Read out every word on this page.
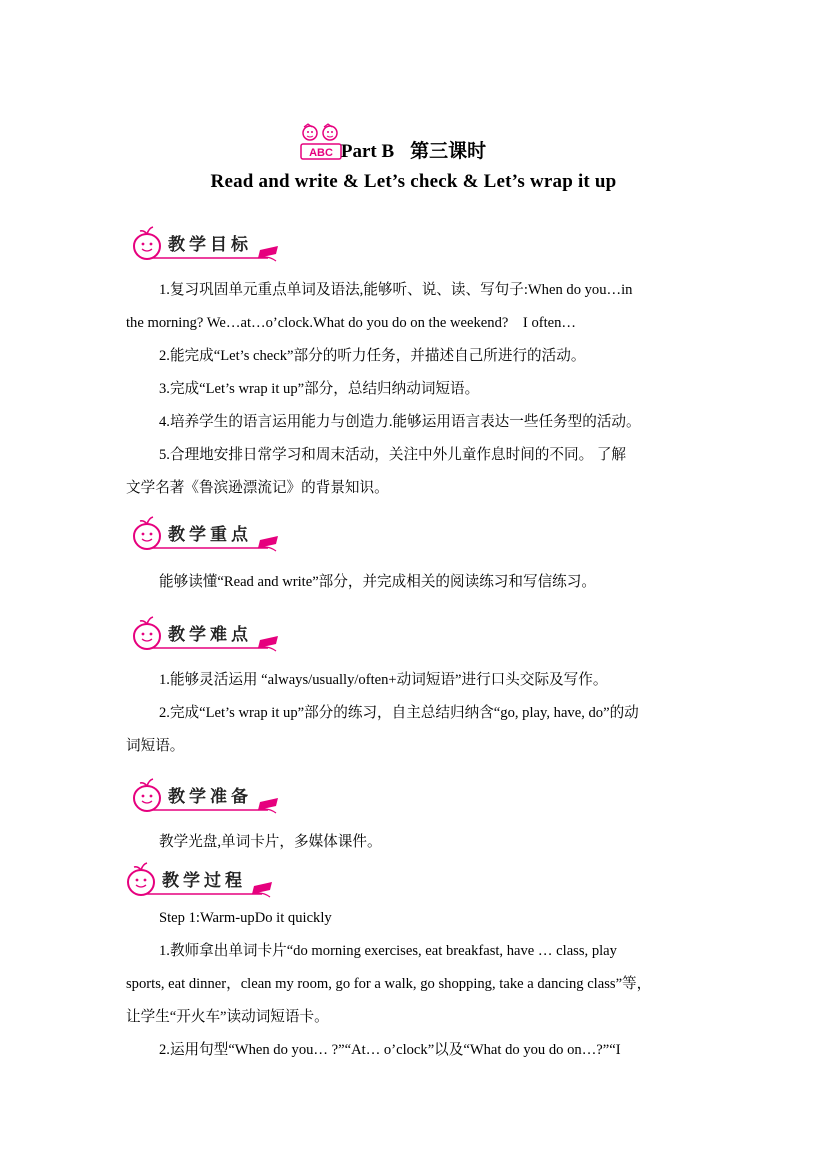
ABC Part B 第三课时
Read and write & Let’s check & Let’s wrap it up
教学目标
1.复习巩固单元重点单词及语法,能够听、说、读、写句子:When do you…in
the morning? We…at…o’clock.What do you do on the weekend?　I often…
2.能完成“Let’s check”部分的听力任务，并描述自己所进行的活动。
3.完成“Let’s wrap it up”部分，总结归纳动词短语。
4.培养学生的语言运用能力与创造力.能够运用语言表达一些任务型的活动。
5.合理地安排日常学习和周末活动，关注中外儿童作息时间的不同。 了解
文学名著《鲁滨逊漂流记》的背景知识。
教学重点
能够读懂“Read and write”部分，并完成相关的阅读练习和写信练习。
教学难点
1.能够灵活运用 “always/usually/often+动词短语”进行口头交际及写作。
2.完成“Let’s wrap it up”部分的练习，自主总结归纳含“go, play, have, do”的动
词短语。
教学准备
教学光盘,单词卡片，多媒体课件。
教学过程
Step 1:Warm-upDo it quickly
1.教师拿出单词卡片“do morning exercises, eat breakfast, have … class, play
sports, eat dinner，clean my room, go for a walk, go shopping, take a dancing class”等，
让学生“开火车”读动词短语卡。
2.运用句型“When do you… ?”“At… o’clock”以及“What do you do on…?”“I
